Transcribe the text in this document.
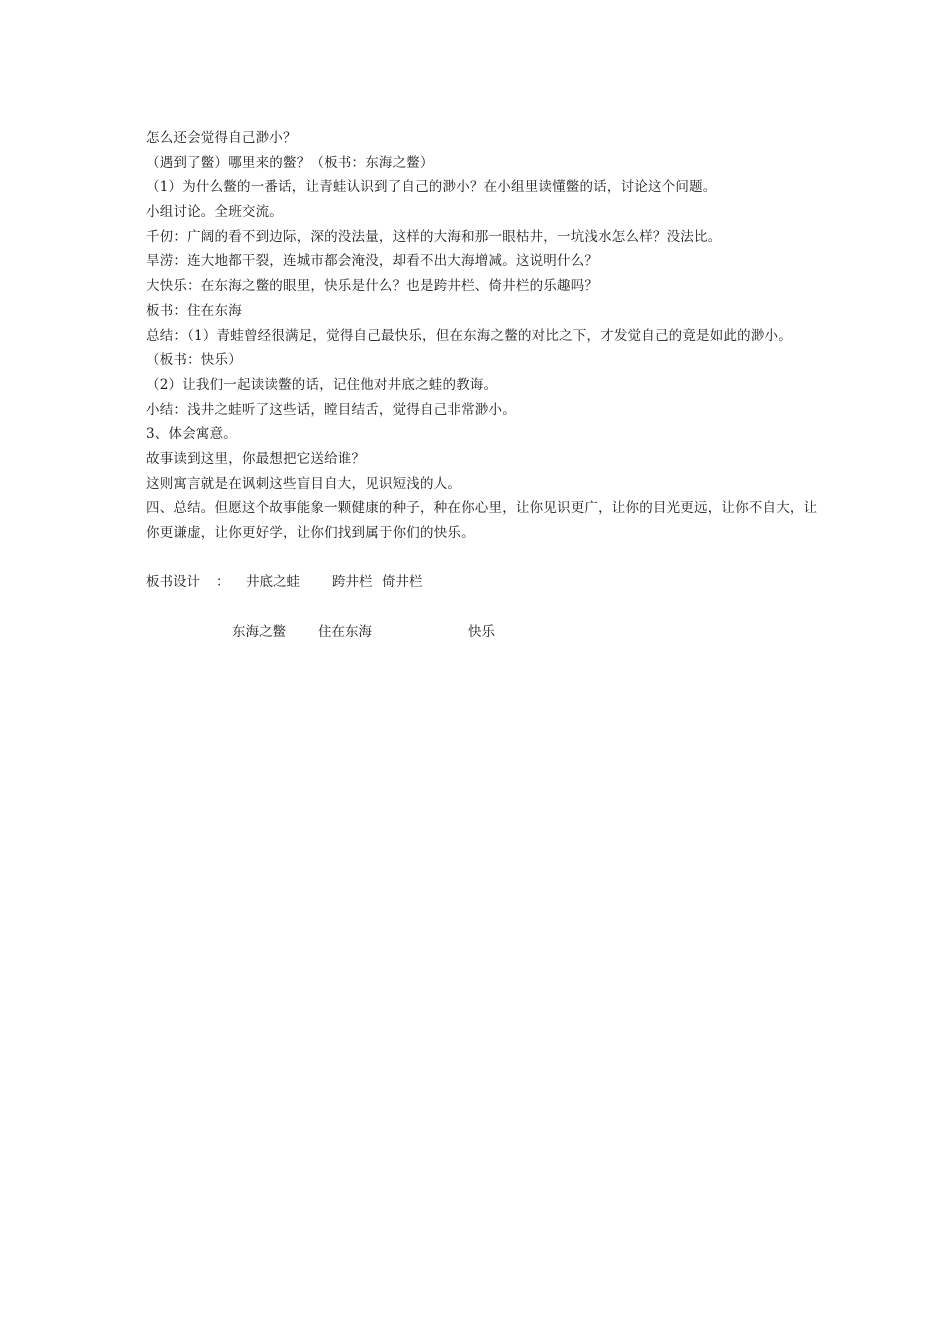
怎么还会觉得自己渺小？
（遇到了鳖）哪里来的鳖？（板书：东海之鳖）
（1）为什么鳖的一番话，让青蛙认识到了自己的渺小？在小组里读懂鳖的话，讨论这个问题。
小组讨论。全班交流。
千仞：广阔的看不到边际，深的没法量，这样的大海和那一眼枯井，一坑浅水怎么样？没法比。
旱涝：连大地都干裂，连城市都会淹没，却看不出大海增减。这说明什么？
大快乐：在东海之鳖的眼里，快乐是什么？也是跨井栏、倚井栏的乐趣吗？
板书：住在东海
总结：（1）青蛙曾经很满足，觉得自己最快乐，但在东海之鳖的对比之下，才发觉自己的竟是如此的渺小。
（板书：快乐）
（2）让我们一起读读鳖的话，记住他对井底之蛙的教诲。
小结：浅井之蛙听了这些话，瞠目结舌，觉得自己非常渺小。
3、体会寓意。
故事读到这里，你最想把它送给谁？
这则寓言就是在讽刺这些盲目自大，见识短浅的人。
四、总结。但愿这个故事能象一颗健康的种子，种在你心里，让你见识更广，让你的目光更远，让你不自大，让
你更谦虚，让你更好学，让你们找到属于你们的快乐。
板书设计 ： 井底之蛙 跨井栏 倚井栏
东海之鳖 住在东海	快乐
